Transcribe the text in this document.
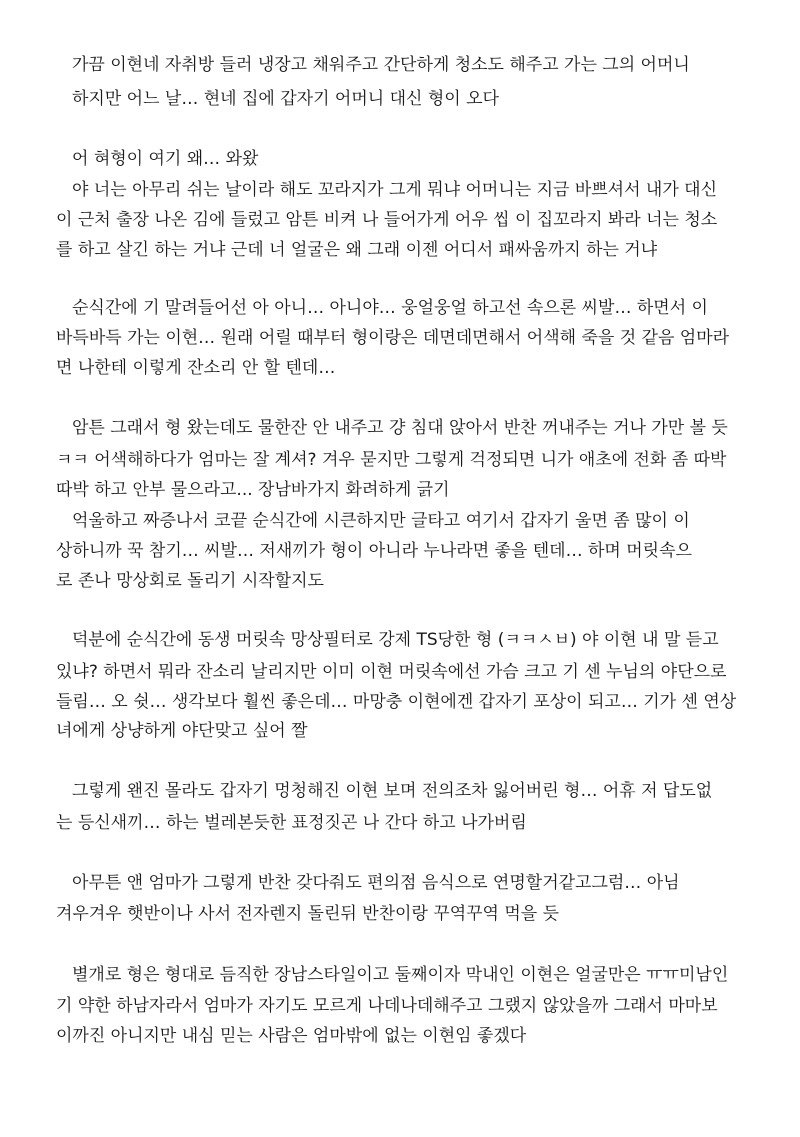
가끔 이현네 자취방 들러 냉장고 채워주고 간단하게 청소도 해주고 가는 그의 어머니
하지만 어느 날… 현네 집에 갑자기 어머니 대신 형이 오다
어 혀형이 여기 왜… 와왔
야 너는 아무리 쉬는 날이라 해도 꼬라지가 그게 뭐냐 어머니는 지금 바쁘셔서 내가 대신
이 근처 출장 나온 김에 들렀고 암튼 비켜 나 들어가게 어우 씹 이 집꼬라지 봐라 너는 청소
를 하고 살긴 하는 거냐 근데 너 얼굴은 왜 그래 이젠 어디서 패싸움까지 하는 거냐
순식간에 기 말려들어선 아 아니… 아니야… 웅얼웅얼 하고선 속으론 씨발… 하면서 이
바득바득 가는 이현… 원래 어릴 때부터 형이랑은 데면데면해서 어색해 죽을 것 같음 엄마라
면 나한테 이렇게 잔소리 안 할 텐데…
암튼 그래서 형 왔는데도 물한잔 안 내주고 걍 침대 앉아서 반찬 꺼내주는 거나 가만 볼 듯
ㅋㅋ 어색해하다가 엄마는 잘 계셔? 겨우 묻지만 그렇게 걱정되면 니가 애초에 전화 좀 따박
따박 하고 안부 물으라고... 장남바가지 화려하게 긁기
억울하고 짜증나서 코끝 순식간에 시큰하지만 글타고 여기서 갑자기 울면 좀 많이 이
상하니까 꾹 참기… 씨발… 저새끼가 형이 아니라 누나라면 좋을 텐데… 하며 머릿속으
로 존나 망상회로 돌리기 시작할지도
덕분에 순식간에 동생 머릿속 망상필터로 강제 TS당한 형 (ㅋㅋㅅㅂ) 야 이현 내 말 듣고
있냐? 하면서 뭐라 잔소리 날리지만 이미 이현 머릿속에선 가슴 크고 기 센 누님의 야단으로
들림… 오 쉿… 생각보다 훨씬 좋은데… 마망충 이현에겐 갑자기 포상이 되고… 기가 센 연상
녀에게 상냥하게 야단맞고 싶어 짤
그렇게 왠진 몰라도 갑자기 멍청해진 이현 보며 전의조차 잃어버린 형… 어휴 저 답도없
는 등신새끼… 하는 벌레본듯한 표정짓곤 나 간다 하고 나가버림
아무튼 앤 엄마가 그렇게 반찬 갖다줘도 편의점 음식으로 연명할거같고그럼… 아님
겨우겨우 햇반이나 사서 전자렌지 돌린뒤 반찬이랑 꾸역꾸역 먹을 듯
별개로 형은 형대로 듬직한 장남스타일이고 둘째이자 막내인 이현은 얼굴만은 ㅠㅠ미남인
기 약한 하남자라서 엄마가 자기도 모르게 나데나데해주고 그랬지 않았을까 그래서 마마보
이까진 아니지만 내심 믿는 사람은 엄마밖에 없는 이현임 좋겠다
